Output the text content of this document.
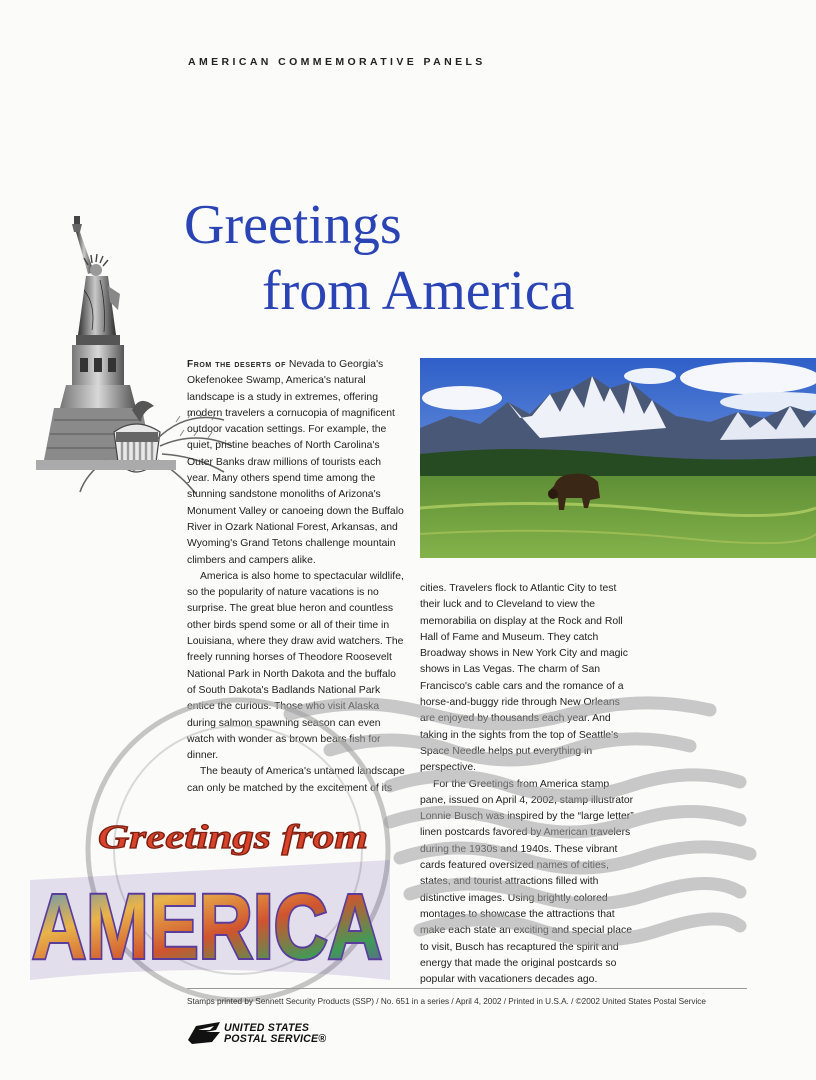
AMERICAN COMMEMORATIVE PANELS
Greetings
from America

From the deserts of Nevada to Georgia's Okefenokee Swamp, America's natural landscape is a study in extremes, offering modern travelers a cornucopia of magnificent outdoor vacation settings. For example, the quiet, pristine beaches of North Carolina's Outer Banks draw millions of tourists each year. Many others spend time among the stunning sandstone monoliths of Arizona's Monument Valley or canoeing down the Buffalo River in Ozark National Forest, Arkansas, and Wyoming's Grand Tetons challenge mountain climbers and campers alike.

America is also home to spectacular wildlife, so the popularity of nature vacations is no surprise. The great blue heron and countless other birds spend some or all of their time in Louisiana, where they draw avid watchers. The freely running horses of Theodore Roosevelt National Park in North Dakota and the buffalo of South Dakota's Badlands National Park entice the curious. Those who visit Alaska during salmon spawning season can even watch with wonder as brown bears fish for dinner.

The beauty of America's untamed landscape can only be matched by the excitement of its

cities. Travelers flock to Atlantic City to test their luck and to Cleveland to view the memorabilia on display at the Rock and Roll Hall of Fame and Museum. They catch Broadway shows in New York City and magic shows in Las Vegas. The charm of San Francisco's cable cars and the romance of a horse-and-buggy ride through New Orleans are enjoyed by thousands each year. And taking in the sights from the top of Seattle's Space Needle helps put everything in perspective.

For the Greetings from America stamp pane, issued on April 4, 2002, stamp illustrator Lonnie Busch was inspired by the “large letter” linen postcards favored by American travelers during the 1930s and 1940s. These vibrant cards featured oversized names of cities, states, and tourist attractions filled with distinctive images. Using brightly colored montages to showcase the attractions that make each state an exciting and special place to visit, Busch has recaptured the spirit and energy that made the original postcards so popular with vacationers decades ago.

AMERICA
Greetings from
Stamps printed by Sennett Security Products (SSP) / No. 651 in a series / April 4, 2002 / Printed in U.S.A. / ©2002 United States Postal Service
UNITED STATES
POSTAL SERVICE®
